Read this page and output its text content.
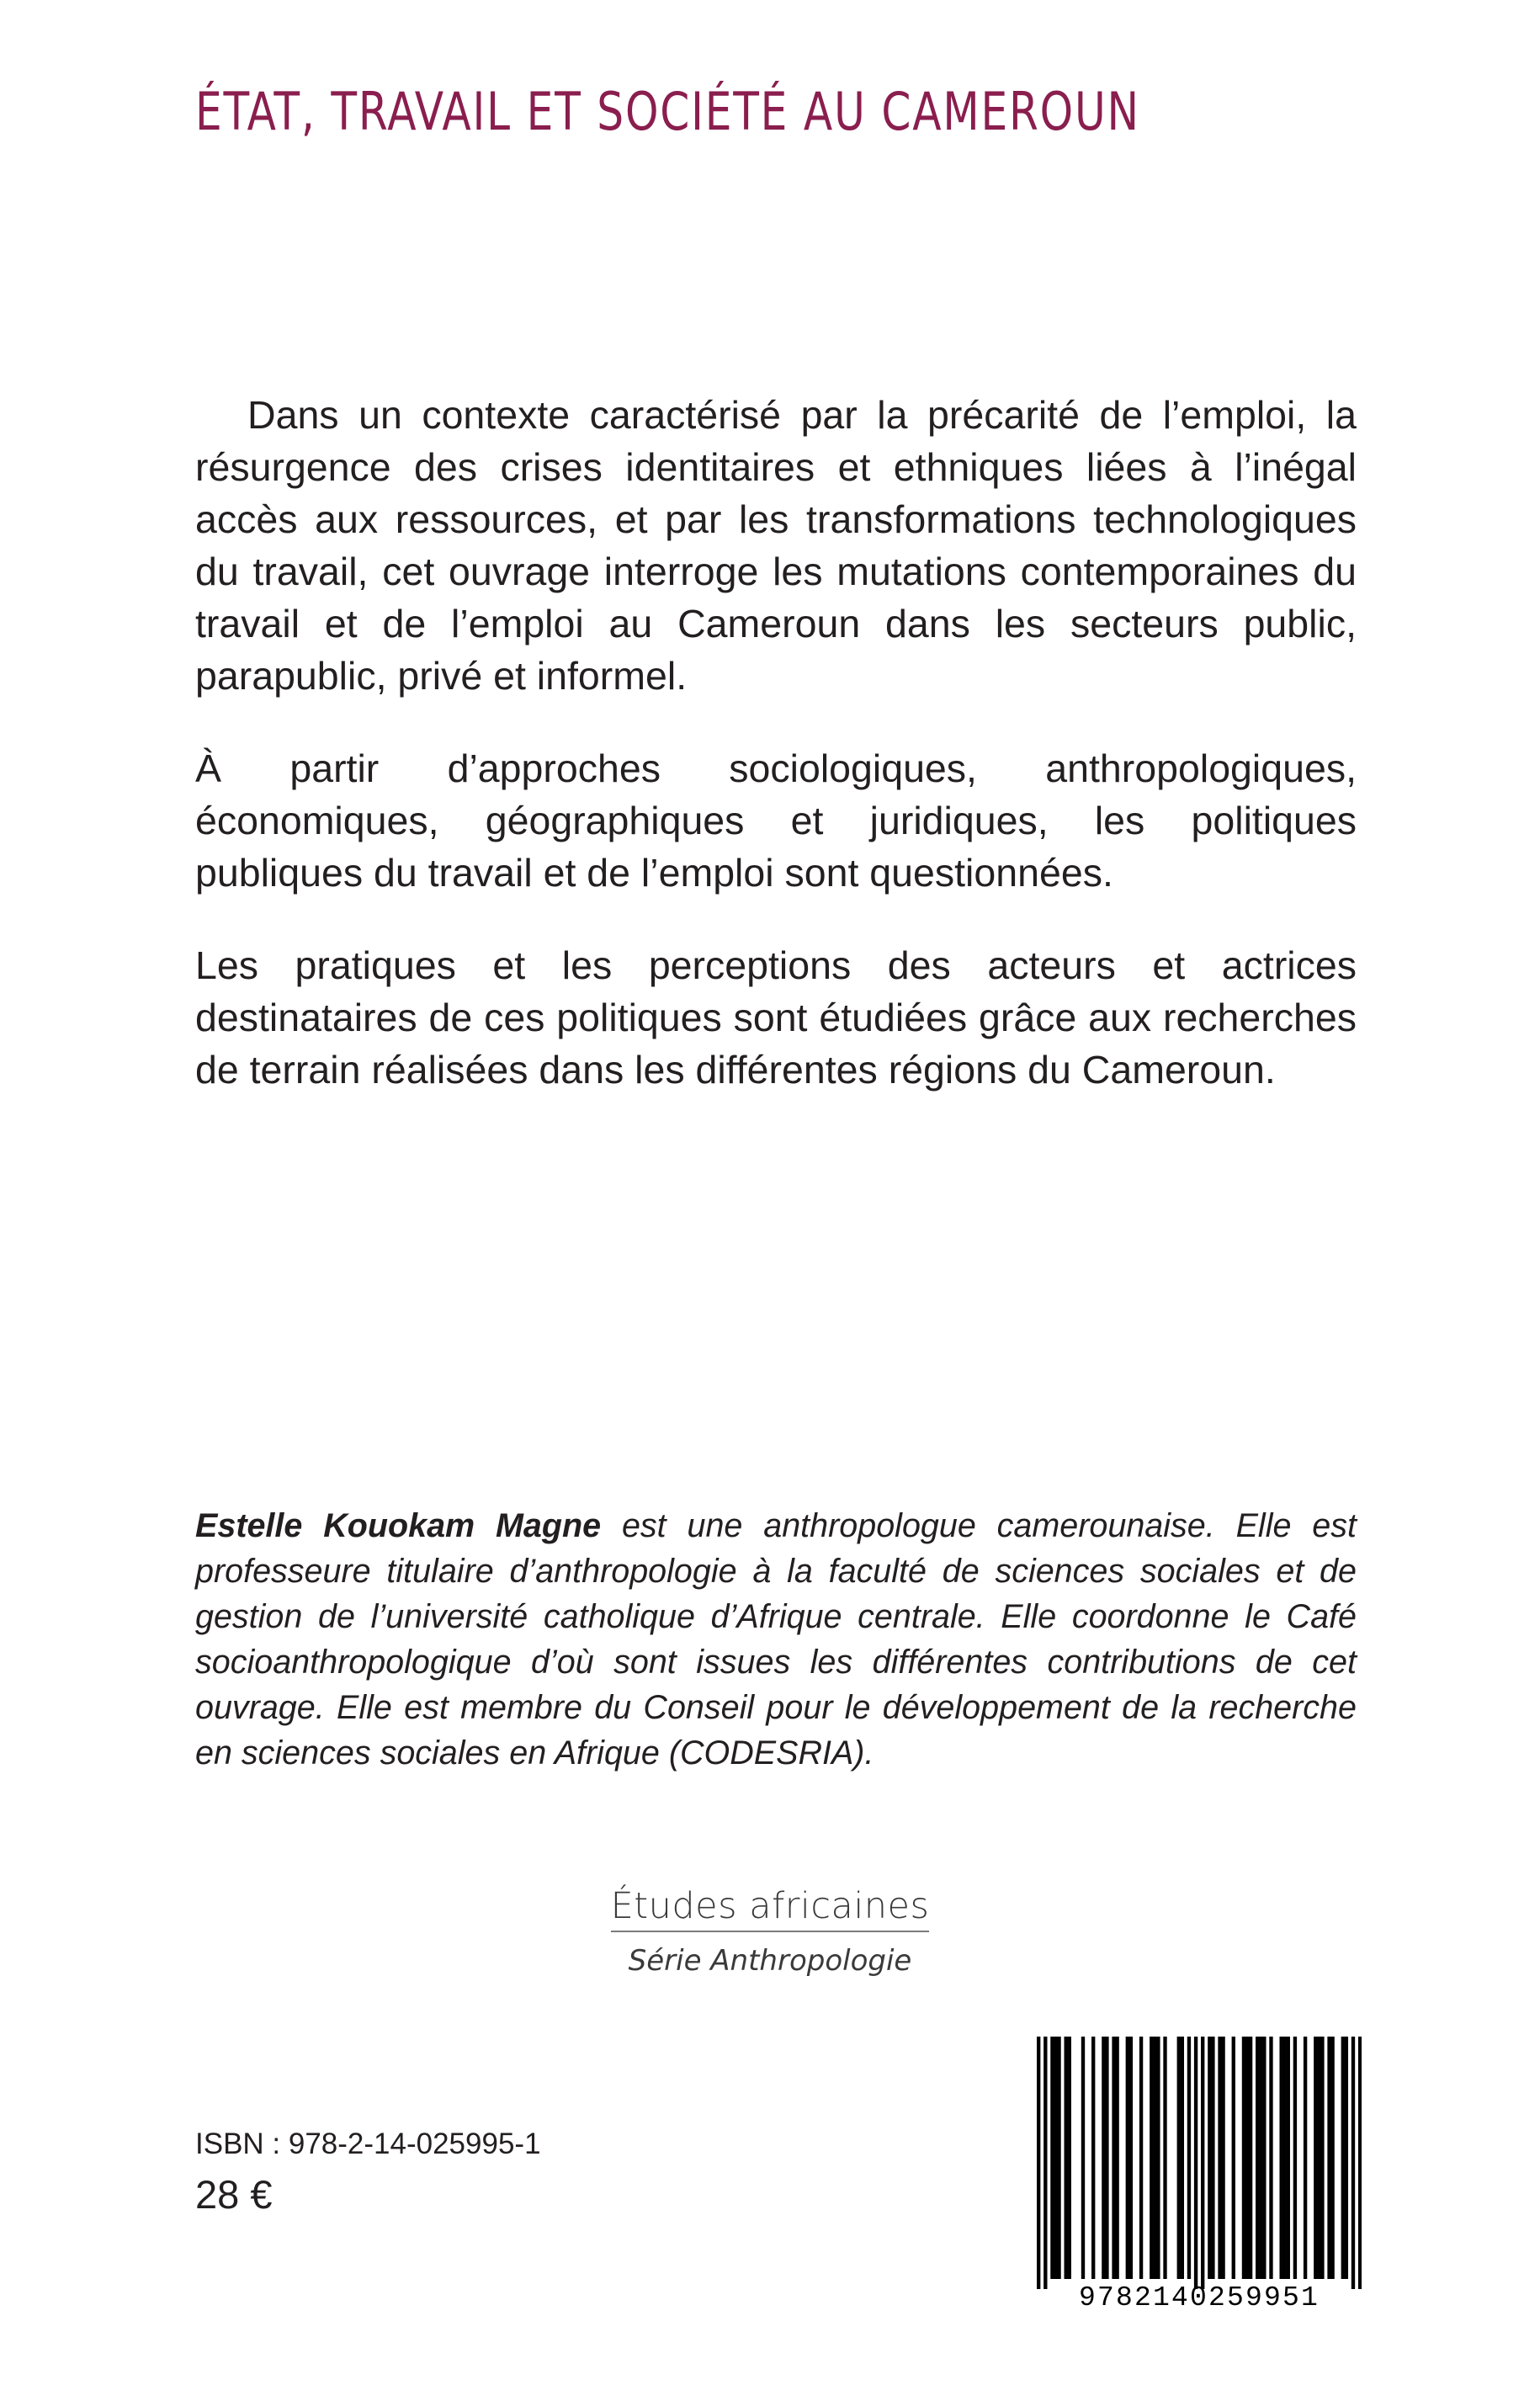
ÉTAT, TRAVAIL ET SOCIÉTÉ AU CAMEROUN

Dans un contexte caractérisé par la précarité de l’emploi, la résurgence des crises identitaires et ethniques liées à l’inégal accès aux ressources, et par les transformations technologiques du travail, cet ouvrage interroge les mutations contemporaines du travail et de l’emploi au Cameroun dans les secteurs public, parapublic, privé et informel.

À partir d’approches sociologiques, anthropologiques, économiques, géographiques et juridiques, les politiques publiques du travail et de l’emploi sont questionnées.

Les pratiques et les perceptions des acteurs et actrices destinataires de ces politiques sont étudiées grâce aux recherches de terrain réalisées dans les différentes régions du Cameroun.

Estelle Kouokam Magne est une anthropologue camerounaise. Elle est professeure titulaire d’anthropologie à la faculté de sciences sociales et de gestion de l’université catholique d’Afrique centrale. Elle coordonne le Café socioanthropologique d’où sont issues les différentes contributions de cet ouvrage. Elle est membre du Conseil pour le développement de la recherche en sciences sociales en Afrique (CODESRIA).
Études africaines
Série Anthropologie
ISBN : 978-2-14-025995-1
28 €
9782140259951
